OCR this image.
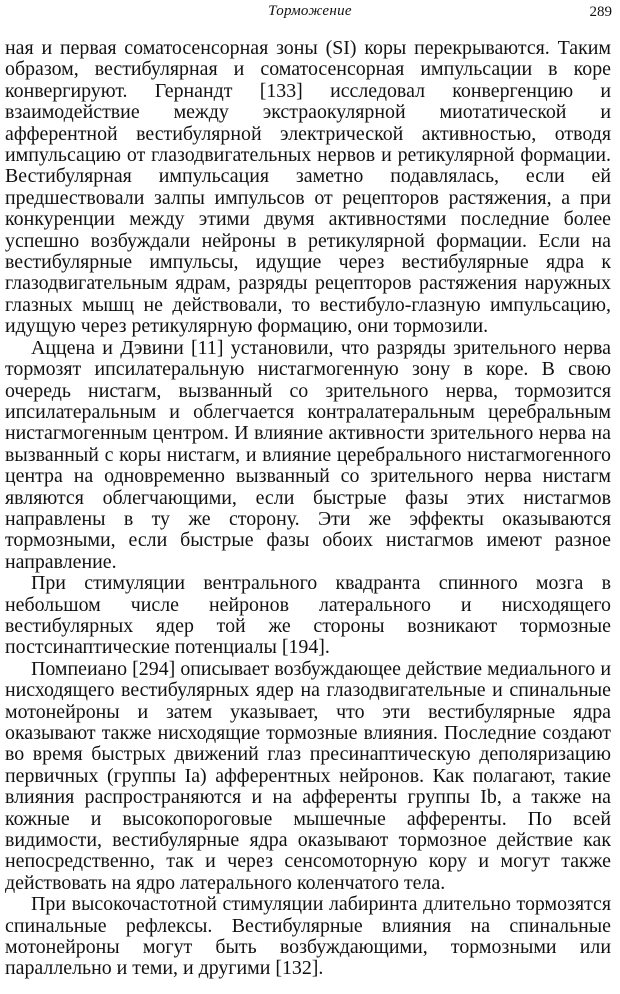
Торможение	289

ная и первая соматосенсорная зоны (SI) коры перекрываются. Таким образом, вестибулярная и соматосенсорная импульсации в коре конвергируют. Гернандт [133] исследовал конвергенцию и взаимодействие между экстраокулярной миотатической и афферентной вестибулярной электрической активностью, отводя импульсацию от глазодвигательных нервов и ретикулярной формации. Вестибулярная импульсация заметно подавлялась, если ей предшествовали залпы импульсов от рецепторов растяжения, а при конкуренции между этими двумя активностями последние более успешно возбуждали нейроны в ретикулярной формации. Если на вестибулярные импульсы, идущие через вестибулярные ядра к глазодвигательным ядрам, разряды рецепторов растяжения наружных глазных мышц не действовали, то вестибуло-глазную импульсацию, идущую через ретикулярную формацию, они тормозили.

Аццена и Дэвини [11] установили, что разряды зрительного нерва тормозят ипсилатеральную нистагмогенную зону в коре. В свою очередь нистагм, вызванный со зрительного нерва, тормозится ипсилатеральным и облегчается контралатеральным церебральным нистагмогенным центром. И влияние активности зрительного нерва на вызванный с коры нистагм, и влияние церебрального нистагмогенного центра на одновременно вызванный со зрительного нерва нистагм являются облегчающими, если быстрые фазы этих нистагмов направлены в ту же сторону. Эти же эффекты оказываются тормозными, если быстрые фазы обоих нистагмов имеют разное направление.

При стимуляции вентрального квадранта спинного мозга в небольшом числе нейронов латерального и нисходящего вестибулярных ядер той же стороны возникают тормозные постсинаптические потенциалы [194].

Помпеиано [294] описывает возбуждающее действие медиального и нисходящего вестибулярных ядер на глазодвигательные и спинальные мотонейроны и затем указывает, что эти вестибулярные ядра оказывают также нисходящие тормозные влияния. Последние создают во время быстрых движений глаз пресинаптическую деполяризацию первичных (группы Ia) афферентных нейронов. Как полагают, такие влияния распространяются и на афференты группы Ib, а также на кожные и высокопороговые мышечные афференты. По всей видимости, вестибулярные ядра оказывают тормозное действие как непосредственно, так и через сенсомоторную кору и могут также действовать на ядро латерального коленчатого тела.

При высокочастотной стимуляции лабиринта длительно тормозятся спинальные рефлексы. Вестибулярные влияния на спинальные мотонейроны могут быть возбуждающими, тормозными или параллельно и теми, и другими [132].
